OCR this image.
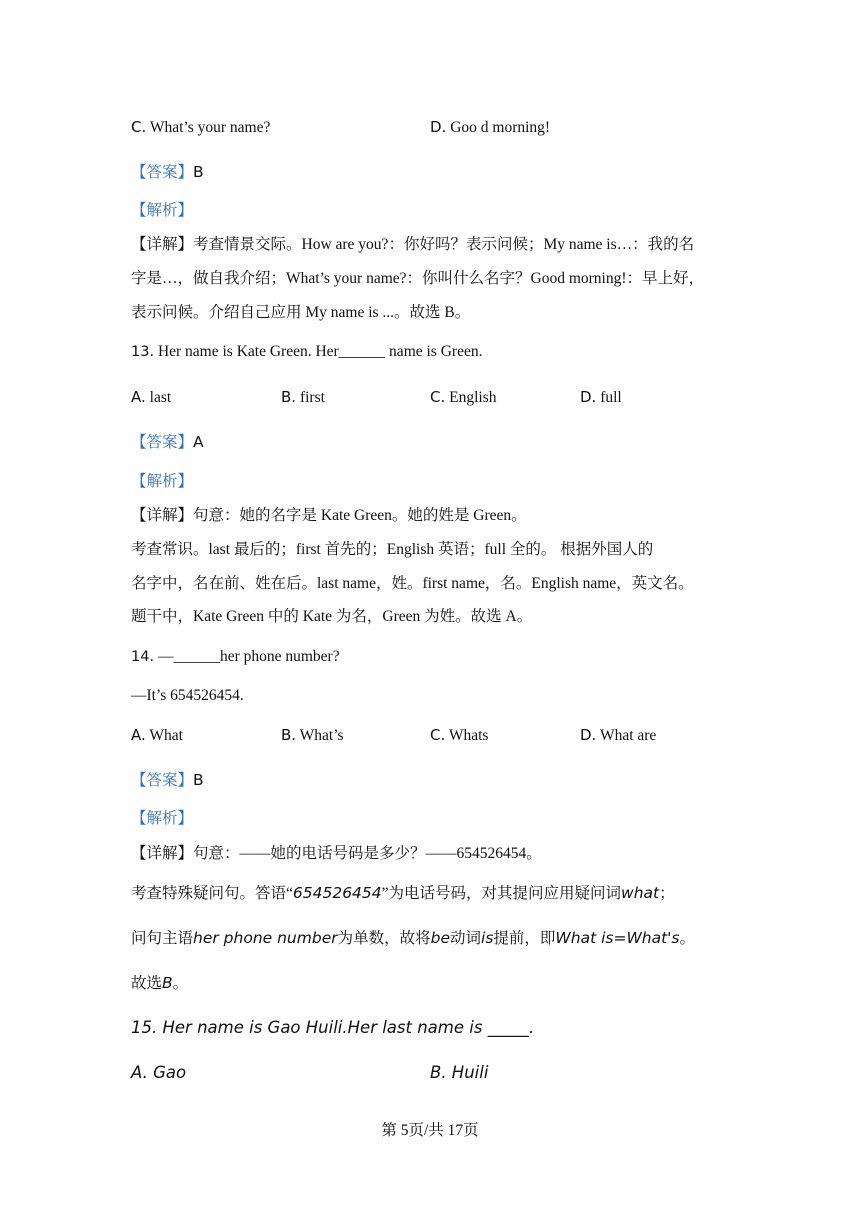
C. What’s your name?	D. Goo d morning!
【答案】B
【解析】
【详解】考查情景交际。How are you?：你好吗？表示问候；My name is…：我的名
字是…，做自我介绍；What’s your name?：你叫什么名字？Good morning!：早上好，
表示问候。介绍自己应用 My name is ...。故选 B。
13. Her name is Kate Green. Her______ name is Green.
A. last	B. first	C. English	D. full
【答案】A
【解析】
【详解】句意：她的名字是 Kate Green。她的姓是 Green。
考查常识。last 最后的；first 首先的；English 英语；full 全的。 根据外国人的
名字中，名在前、姓在后。last name，姓。first name，名。English name，英文名。
题干中，Kate Green 中的 Kate 为名，Green 为姓。故选 A。
14. —______her phone number?
—It’s 654526454.
A. What	B. What’s	C. Whats	D. What are
【答案】B
【解析】
【详解】句意：——她的电话号码是多少？——654526454。
考查特殊疑问句。答语“654526454”为电话号码，对其提问应用疑问词what；
问句主语her phone number为单数，故将be动词is提前，即What is=What's。
故选B。
15. Her name is Gao Huili.Her last name is _____.
A. Gao	B. Huili
第 5页/共 17页
